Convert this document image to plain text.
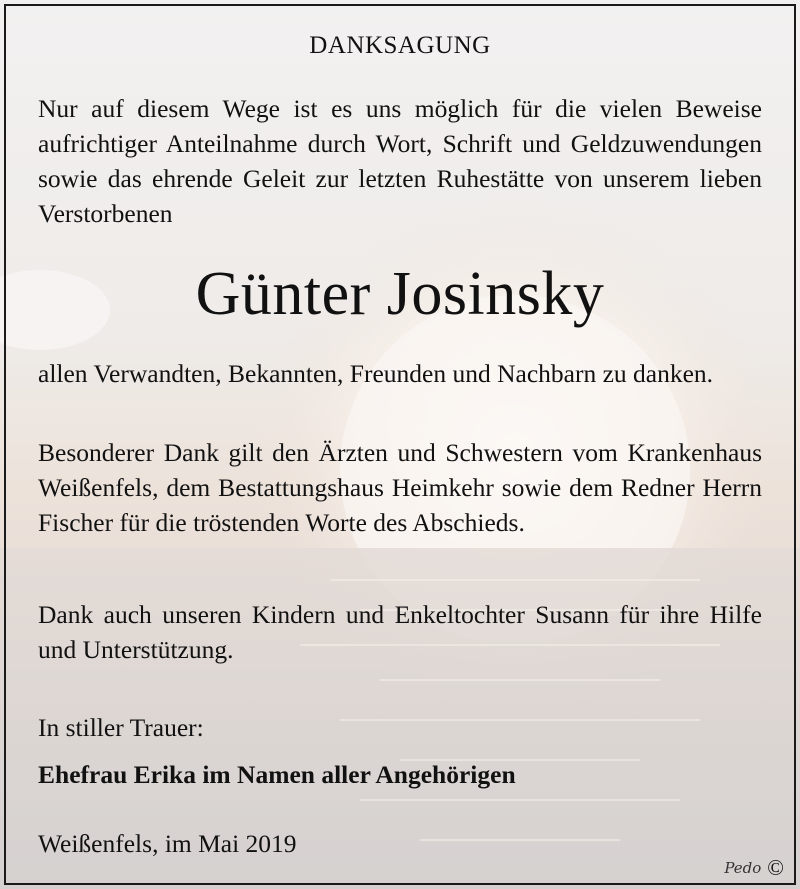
DANKSAGUNG

Nur auf diesem Wege ist es uns möglich für die vielen Beweise aufrichtiger Anteilnahme durch Wort, Schrift und Geldzuwendungen sowie das ehrende Geleit zur letzten Ruhestätte von unserem lieben Verstorbenen

Günter Josinsky

allen Verwandten, Bekannten, Freunden und Nachbarn zu danken.

Besonderer Dank gilt den Ärzten und Schwestern vom Krankenhaus Weißenfels, dem Bestattungshaus Heimkehr sowie dem Redner Herrn Fischer für die tröstenden Worte des Abschieds.

Dank auch unseren Kindern und Enkeltochter Susann für ihre Hilfe und Unterstützung.

In stiller Trauer:

Ehefrau Erika im Namen aller Angehörigen

Weißenfels, im Mai 2019

Pedo ©
